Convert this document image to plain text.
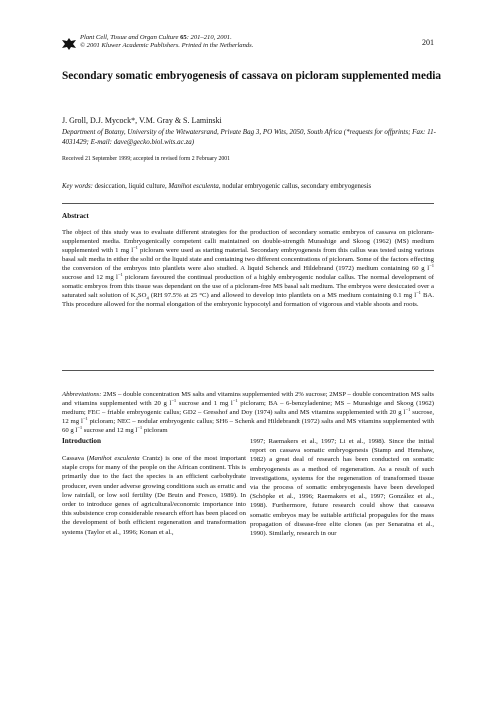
Plant Cell, Tissue and Organ Culture 65: 201–210, 2001.
© 2001 Kluwer Academic Publishers. Printed in the Netherlands.	201
Secondary somatic embryogenesis of cassava on picloram supplemented media
J. Groll, D.J. Mycock*, V.M. Gray & S. Laminski
Department of Botany, University of the Witwatersrand, Private Bag 3, PO Wits, 2050, South Africa (*requests for offprints; Fax: 11-4031429; E-mail: dave@gecko.biol.wits.ac.za)
Received 21 September 1999; accepted in revised form 2 February 2001
Key words: desiccation, liquid culture, Manihot esculenta, nodular embryogenic callus, secondary embryogenesis
Abstract
The object of this study was to evaluate different strategies for the production of secondary somatic embryos of cassava on picloram-supplemented media. Embryogenically competent calli maintained on double-strength Murashige and Skoog (1962) (MS) medium supplemented with 1 mg $l^{-1}$ picloram were used as starting material. Secondary embryogenesis from this callus was tested using various basal salt media in either the solid or the liquid state and containing two different concentrations of picloram. Some of the factors effecting the conversion of the embryos into plantlets were also studied. A liquid Schenck and Hildebrand (1972) medium containing 60 g $l^{-1}$ sucrose and 12 mg $l^{-1}$ picloram favoured the continual production of a highly embryogenic nodular callus. The normal development of somatic embryos from this tissue was dependant on the use of a picloram-free MS basal salt medium. The embryos were desiccated over a saturated salt solution of $K_2SO_4$ (RH 97.5% at 25 °C) and allowed to develop into plantlets on a MS medium containing 0.1 mg $l^{-1}$ BA. This procedure allowed for the normal elongation of the embryonic hypocotyl and formation of vigorous and viable shoots and roots.
Abbreviations: 2MS – double concentration MS salts and vitamins supplemented with 2% sucrose; 2MSP – double concentration MS salts and vitamins supplemented with 20 g $l^{-1}$ sucrose and 1 mg $l^{-1}$ picloram; BA – 6-benzyladenine; MS – Murashige and Skoog (1962) medium; FEC – friable embryogenic callus; GD2 – Gresshof and Doy (1974) salts and MS vitamins supplemented with 20 g $l^{-1}$ sucrose, 12 mg $l^{-1}$ picloram; NEC – nodular embryogenic callus; SH6 – Schenk and Hildebrandt (1972) salts and MS vitamins supplemented with 60 g $l^{-1}$ sucrose and 12 mg $l^{-1}$ picloram
Introduction
Cassava (Manihot esculenta Crantz) is one of the most important staple crops for many of the people on the African continent. This is primarily due to the fact the species is an efficient carbohydrate producer, even under adverse growing conditions such as erratic and low rainfall, or low soil fertility (De Bruin and Fresco, 1989). In order to introduce genes of agricultural/economic importance into this subsistence crop considerable research effort has been placed on the development of both efficient regeneration and transformation systems (Taylor et al., 1996; Konan et al.,
1997; Raemakers et al., 1997; Li et al., 1998). Since the initial report on cassava somatic embryogenesis (Stamp and Henshaw, 1982) a great deal of research has been conducted on somatic embryogenesis as a method of regeneration. As a result of such investigations, systems for the regeneration of transformed tissue via the process of somatic embryogenesis have been developed (Schöpke et al., 1996; Raemakers et al., 1997; González et al., 1998). Furthermore, future research could show that cassava somatic embryos may be suitable artificial propagules for the mass propagation of disease-free elite clones (as per Senaratna et al., 1990). Similarly, research in our
